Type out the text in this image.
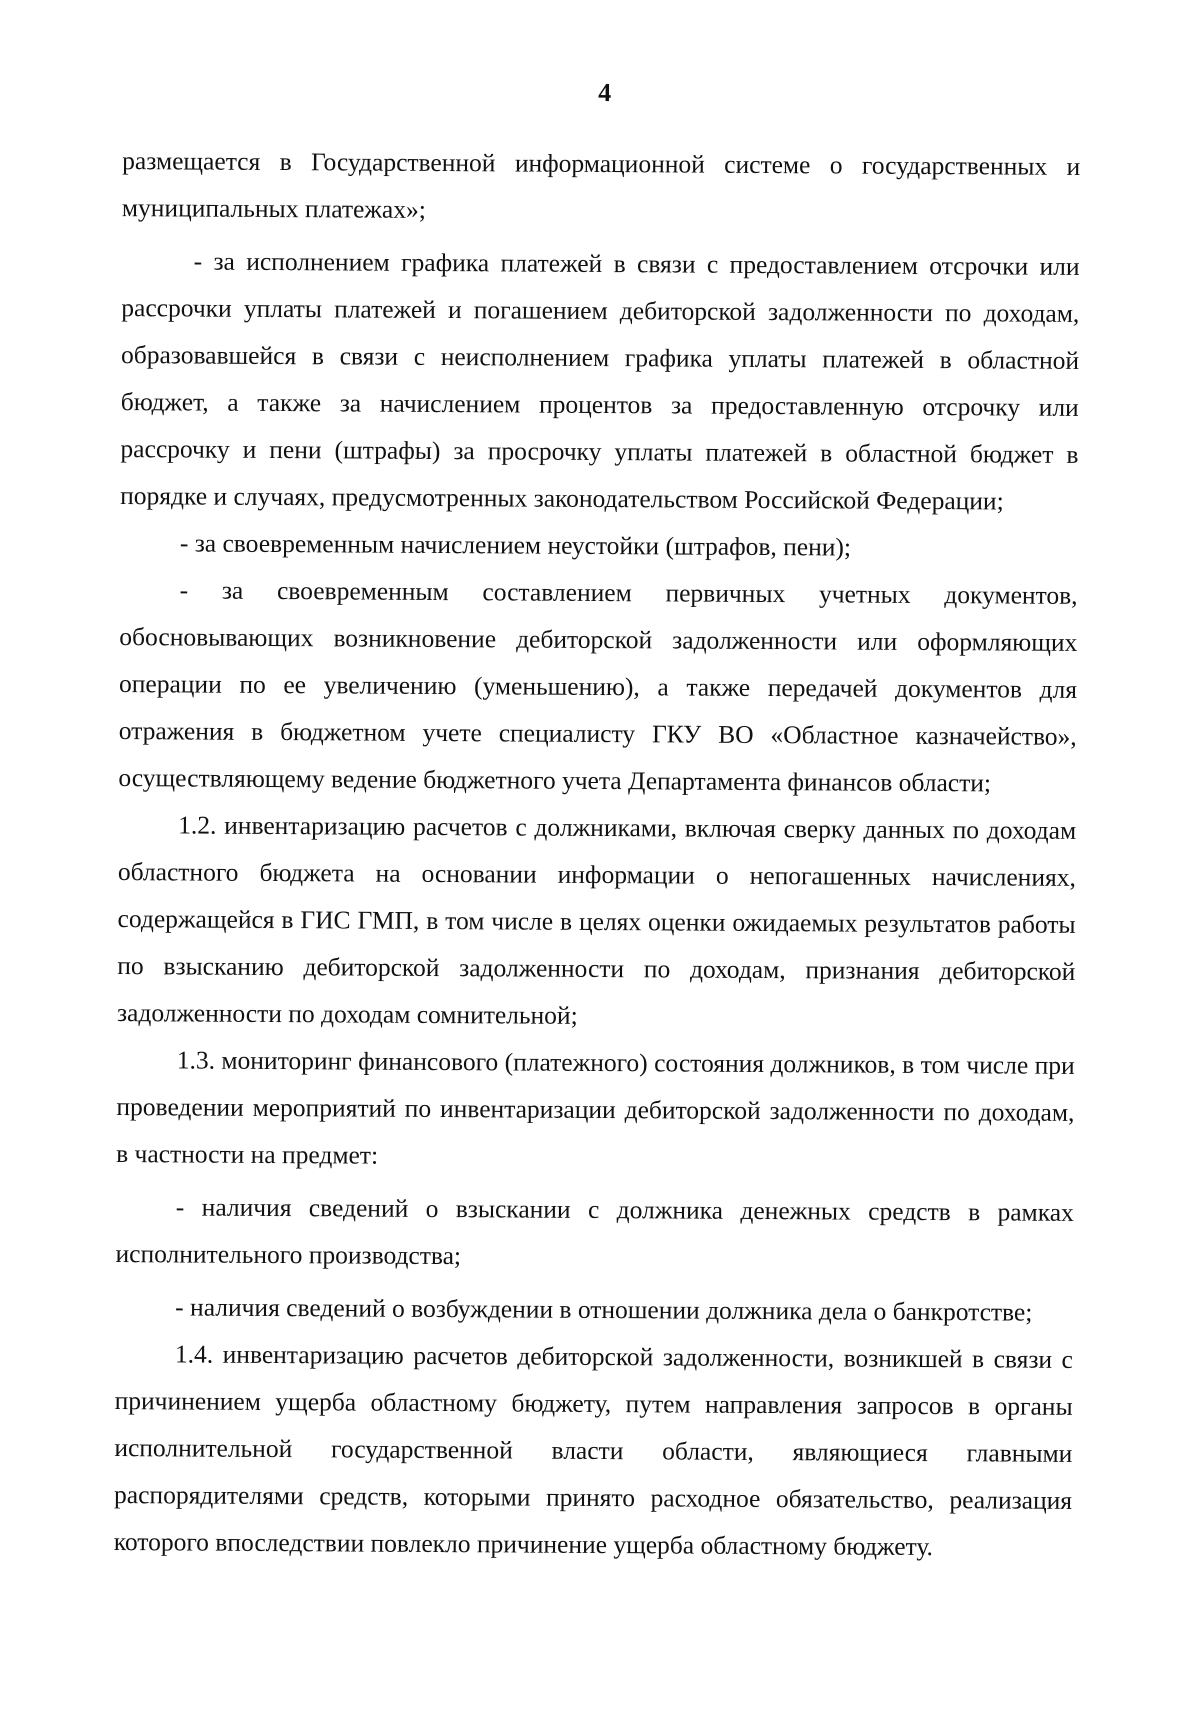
4

размещается в Государственной информационной системе о государственных и муниципальных платежах»;

- за исполнением графика платежей в связи с предоставлением отсрочки или рассрочки уплаты платежей и погашением дебиторской задолженности по доходам, образовавшейся в связи с неисполнением графика уплаты платежей в областной бюджет, а также за начислением процентов за предоставленную отсрочку или рассрочку и пени (штрафы) за просрочку уплаты платежей в областной бюджет в порядке и случаях, предусмотренных законодательством Российской Федерации;

- за своевременным начислением неустойки (штрафов, пени);

- за своевременным составлением первичных учетных документов, обосновывающих возникновение дебиторской задолженности или оформляющих операции по ее увеличению (уменьшению), а также передачей документов для отражения в бюджетном учете специалисту ГКУ ВО «Областное казначейство», осуществляющему ведение бюджетного учета Департамента финансов области;

1.2. инвентаризацию расчетов с должниками, включая сверку данных по доходам областного бюджета на основании информации о непогашенных начислениях, содержащейся в ГИС ГМП, в том числе в целях оценки ожидаемых результатов работы по взысканию дебиторской задолженности по доходам, признания дебиторской задолженности по доходам сомнительной;

1.3. мониторинг финансового (платежного) состояния должников, в том числе при проведении мероприятий по инвентаризации дебиторской задолженности по доходам, в частности на предмет:

- наличия сведений о взыскании с должника денежных средств в рамках исполнительного производства;

- наличия сведений о возбуждении в отношении должника дела о банкротстве;

1.4. инвентаризацию расчетов дебиторской задолженности, возникшей в связи с причинением ущерба областному бюджету, путем направления запросов в органы исполнительной государственной власти области, являющиеся главными распорядителями средств, которыми принято расходное обязательство, реализация которого впоследствии повлекло причинение ущерба областному бюджету.
